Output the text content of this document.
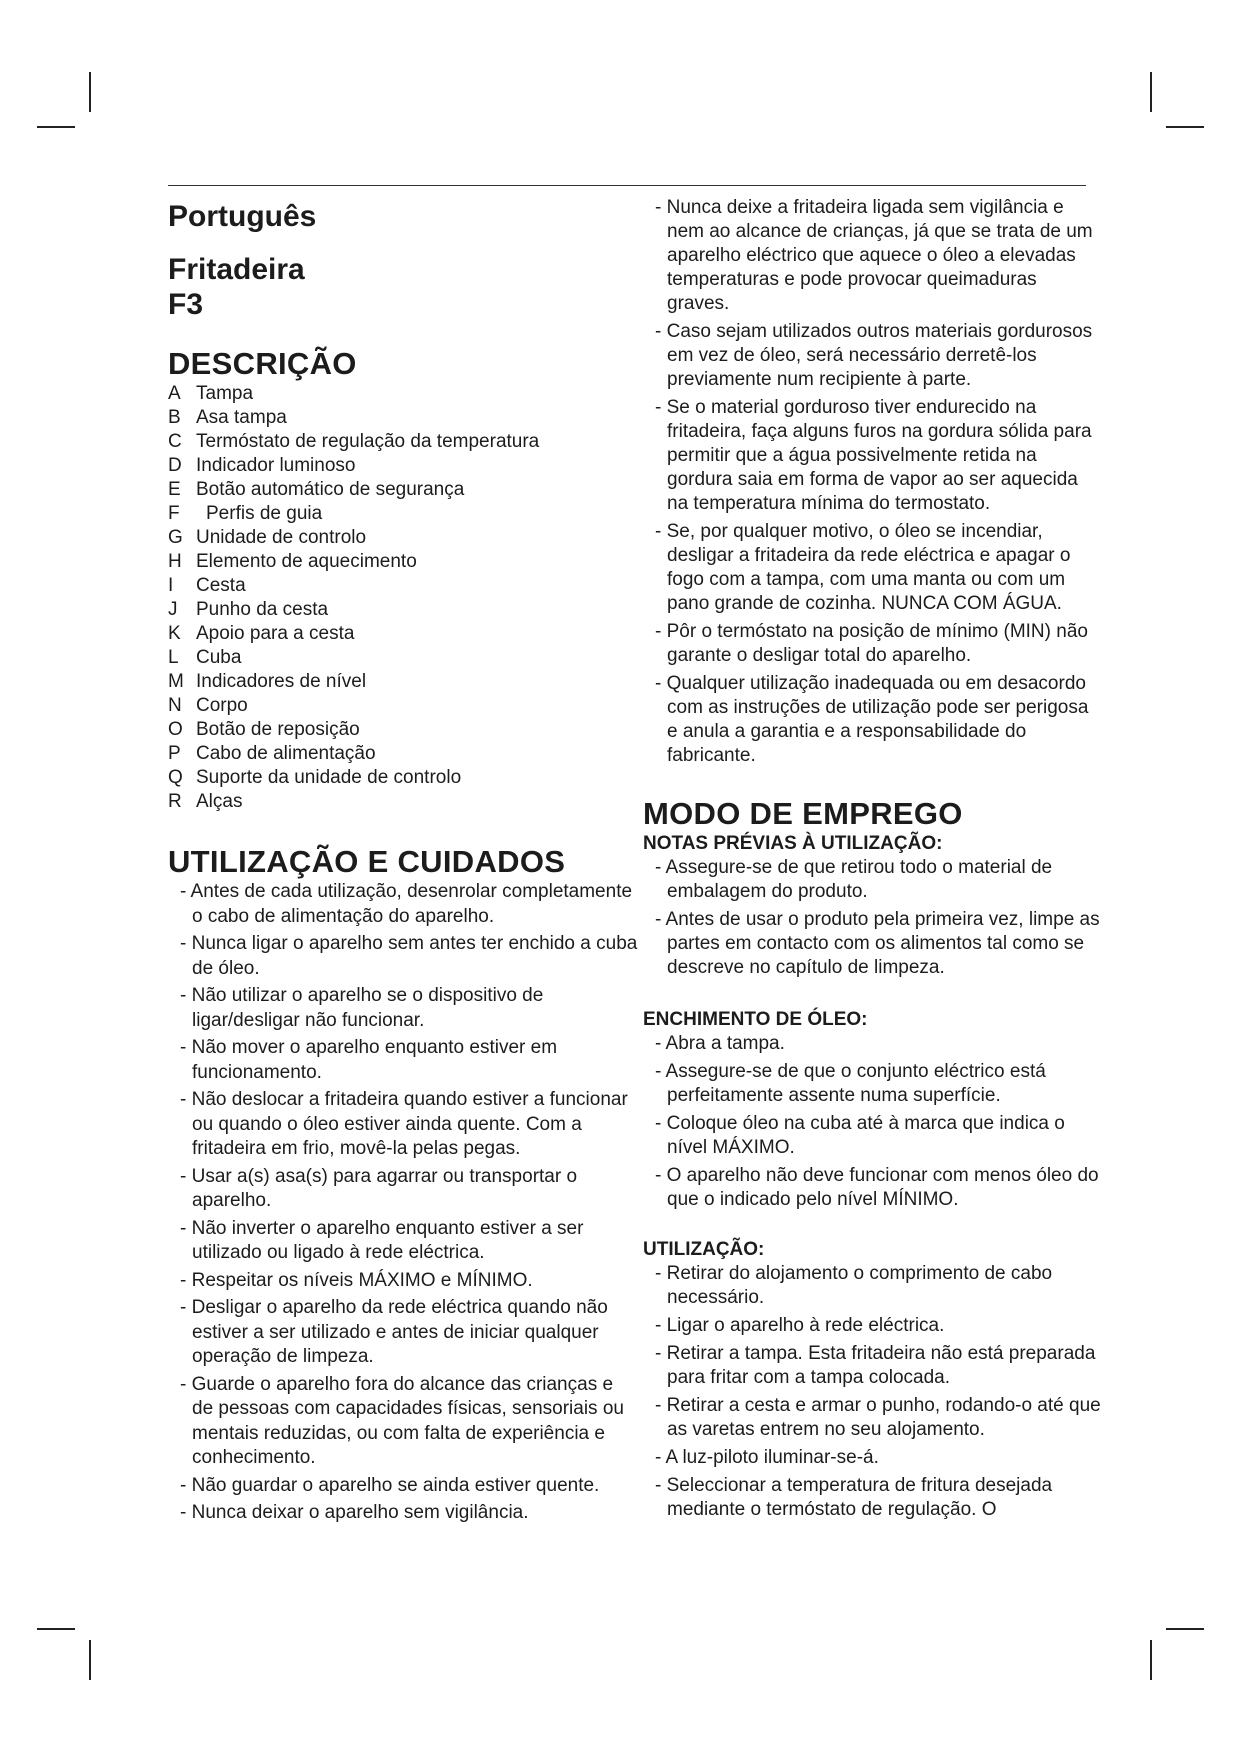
Português
Fritadeira
F3
DESCRIÇÃO
A Tampa
B Asa tampa
C Termóstato de regulação da temperatura
D Indicador luminoso
E Botão automático de segurança
F	Perfis de guia
G Unidade de controlo
H Elemento de aquecimento
I	Cesta
J Punho da cesta
K Apoio para a cesta
L Cuba
M Indicadores de nível
N Corpo
O Botão de reposição
P Cabo de alimentação
Q Suporte da unidade de controlo
R Alças
UTILIZAÇÃO E CUIDADOS
- Antes de cada utilização, desenrolar completamente o cabo de alimentação do aparelho.
- Nunca ligar o aparelho sem antes ter enchido a cuba de óleo.
- Não utilizar o aparelho se o dispositivo de ligar/desligar não funcionar.
- Não mover o aparelho enquanto estiver em funcionamento.
- Não deslocar a fritadeira quando estiver a funcionar ou quando o óleo estiver ainda quente. Com a fritadeira em frio, movê-la pelas pegas.
- Usar a(s) asa(s) para agarrar ou transportar o aparelho.
- Não inverter o aparelho enquanto estiver a ser utilizado ou ligado à rede eléctrica.
- Respeitar os níveis MÁXIMO e MÍNIMO.
- Desligar o aparelho da rede eléctrica quando não estiver a ser utilizado e antes de iniciar qualquer operação de limpeza.
- Guarde o aparelho fora do alcance das crianças e de pessoas com capacidades físicas, sensoriais ou mentais reduzidas, ou com falta de experiência e conhecimento.
- Não guardar o aparelho se ainda estiver quente.
- Nunca deixar o aparelho sem vigilância.
- Nunca deixe a fritadeira ligada sem vigilância e nem ao alcance de crianças, já que se trata de um aparelho eléctrico que aquece o óleo a elevadas temperaturas e pode provocar queimaduras graves.
- Caso sejam utilizados outros materiais gordurosos em vez de óleo, será necessário derretê-los previamente num recipiente à parte.
- Se o material gorduroso tiver endurecido na fritadeira, faça alguns furos na gordura sólida para permitir que a água possivelmente retida na gordura saia em forma de vapor ao ser aquecida na temperatura mínima do termostato.
- Se, por qualquer motivo, o óleo se incendiar, desligar a fritadeira da rede eléctrica e apagar o fogo com a tampa, com uma manta ou com um pano grande de cozinha. NUNCA COM ÁGUA.
- Pôr o termóstato na posição de mínimo (MIN) não garante o desligar total do aparelho.
- Qualquer utilização inadequada ou em desacordo com as instruções de utilização pode ser perigosa e anula a garantia e a responsabilidade do fabricante.
MODO DE EMPREGO
NOTAS PRÉVIAS À UTILIZAÇÃO:
- Assegure-se de que retirou todo o material de embalagem do produto.
- Antes de usar o produto pela primeira vez, limpe as partes em contacto com os alimentos tal como se descreve no capítulo de limpeza.
ENCHIMENTO DE ÓLEO:
- Abra a tampa.
- Assegure-se de que o conjunto eléctrico está perfeitamente assente numa superfície.
- Coloque óleo na cuba até à marca que indica o nível MÁXIMO.
- O aparelho não deve funcionar com menos óleo do que o indicado pelo nível MÍNIMO.
UTILIZAÇÃO:
- Retirar do alojamento o comprimento de cabo necessário.
- Ligar o aparelho à rede eléctrica.
- Retirar a tampa. Esta fritadeira não está preparada para fritar com a tampa colocada.
- Retirar a cesta e armar o punho, rodando-o até que as varetas entrem no seu alojamento.
- A luz-piloto iluminar-se-á.
- Seleccionar a temperatura de fritura desejada mediante o termóstato de regulação. O
